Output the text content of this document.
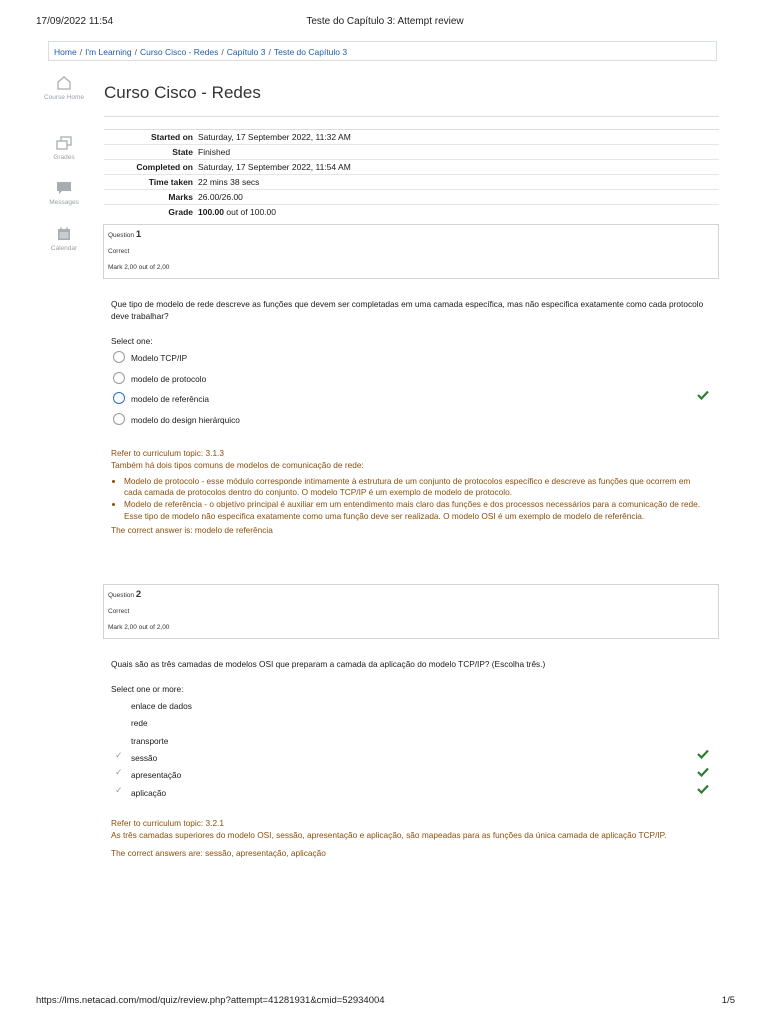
17/09/2022 11:54	Teste do Capítulo 3: Attempt review
Home / I'm Learning / Curso Cisco - Redes / Capítulo 3 / Teste do Capítulo 3
Course Home
Grades
Messages
Calendar
Curso Cisco - Redes
Started on Saturday, 17 September 2022, 11:32 AM
State Finished
Completed on Saturday, 17 September 2022, 11:54 AM
Time taken 22 mins 38 secs
Marks 26.00/26.00
Grade 100.00 out of 100.00
Question 1
Correct
Mark 2,00 out of 2,00
Que tipo de modelo de rede descreve as funções que devem ser completadas em uma camada específica, mas não especifica exatamente como cada protocolo deve trabalhar?
Select one:
Modelo TCP/IP
modelo de protocolo
modelo de referência
modelo do design hierárquico

Refer to curriculum topic: 3.1.3

Também há dois tipos comuns de modelos de comunicação de rede:

• Modelo de protocolo - esse módulo corresponde intimamente à estrutura de um conjunto de protocolos específico e descreve as funções que ocorrem em cada camada de protocolos dentro do conjunto. O modelo TCP/IP é um exemplo de modelo de protocolo.
• Modelo de referência - o objetivo principal é auxiliar em um entendimento mais claro das funções e dos processos necessários para a comunicação de rede. Esse tipo de modelo não especifica exatamente como uma função deve ser realizada. O modelo OSI é um exemplo de modelo de referência.

The correct answer is: modelo de referência

Question 2
Correct
Mark 2,00 out of 2,00
Quais são as três camadas de modelos OSI que preparam a camada da aplicação do modelo TCP/IP? (Escolha três.)
Select one or more:
enlace de dados
rede
transporte
✓ sessão
✓ apresentação
✓ aplicação

Refer to curriculum topic: 3.2.1

As três camadas superiores do modelo OSI, sessão, apresentação e aplicação, são mapeadas para as funções da única camada de aplicação TCP/IP.

The correct answers are: sessão, apresentação, aplicação

https://lms.netacad.com/mod/quiz/review.php?attempt=41281931&cmid=52934004	1/5
